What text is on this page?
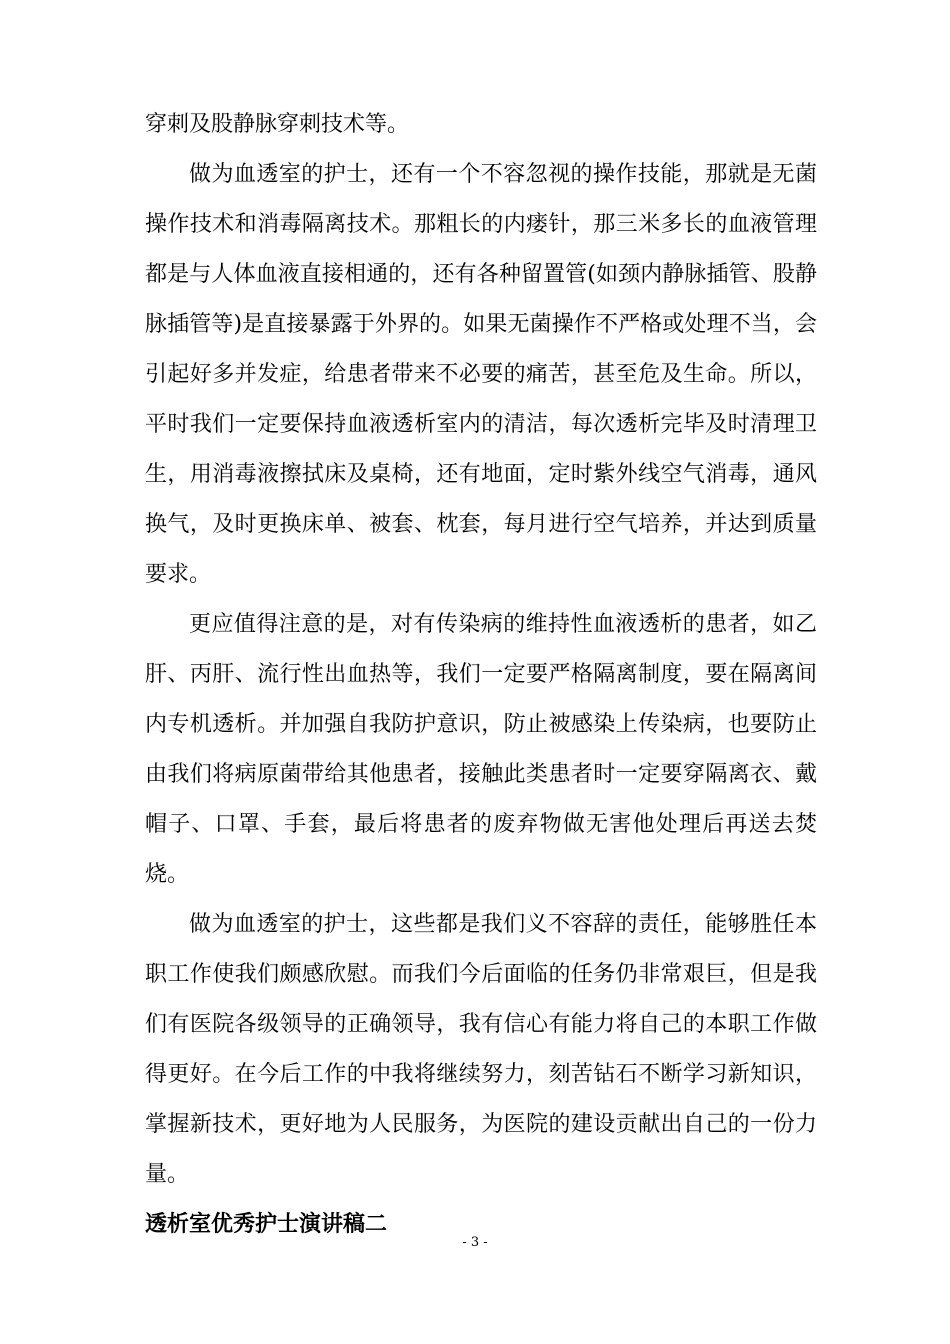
穿刺及股静脉穿刺技术等。

做为血透室的护士，还有一个不容忽视的操作技能，那就是无菌操作技术和消毒隔离技术。那粗长的内瘘针，那三米多长的血液管理都是与人体血液直接相通的，还有各种留置管(如颈内静脉插管、股静脉插管等)是直接暴露于外界的。如果无菌操作不严格或处理不当，会引起好多并发症，给患者带来不必要的痛苦，甚至危及生命。所以，平时我们一定要保持血液透析室内的清洁，每次透析完毕及时清理卫生，用消毒液擦拭床及桌椅，还有地面，定时紫外线空气消毒，通风换气，及时更换床单、被套、枕套，每月进行空气培养，并达到质量要求。

更应值得注意的是，对有传染病的维持性血液透析的患者，如乙肝、丙肝、流行性出血热等，我们一定要严格隔离制度，要在隔离间内专机透析。并加强自我防护意识，防止被感染上传染病，也要防止由我们将病原菌带给其他患者，接触此类患者时一定要穿隔离衣、戴帽子、口罩、手套，最后将患者的废弃物做无害他处理后再送去焚烧。

做为血透室的护士，这些都是我们义不容辞的责任，能够胜任本职工作使我们颇感欣慰。而我们今后面临的任务仍非常艰巨，但是我们有医院各级领导的正确领导，我有信心有能力将自己的本职工作做得更好。在今后工作的中我将继续努力，刻苦钻石不断学习新知识，掌握新技术，更好地为人民服务，为医院的建设贡献出自己的一份力量。

透析室优秀护士演讲稿二

- 3 -
